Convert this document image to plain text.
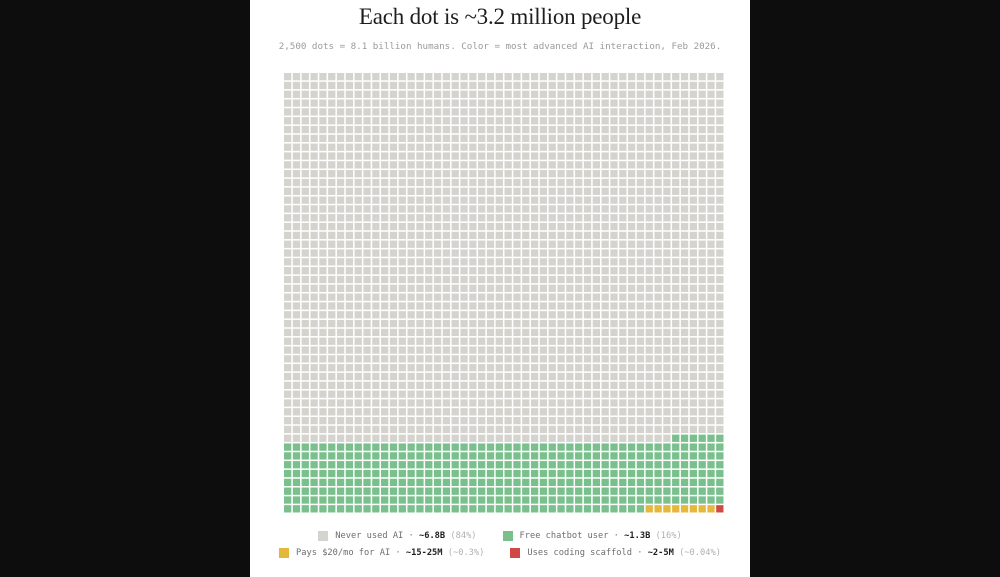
Each dot is ~3.2 million people
2,500 dots = 8.1 billion humans. Color = most advanced AI interaction, Feb 2026.
Never used AI · ~6.8B
(84%)	Free chatbot user · ~1.3B
(16%)
Pays $20/mo for AI · ~15-25M
(~0.3%)	Uses coding scaffold · ~2-5M
(~0.04%)
